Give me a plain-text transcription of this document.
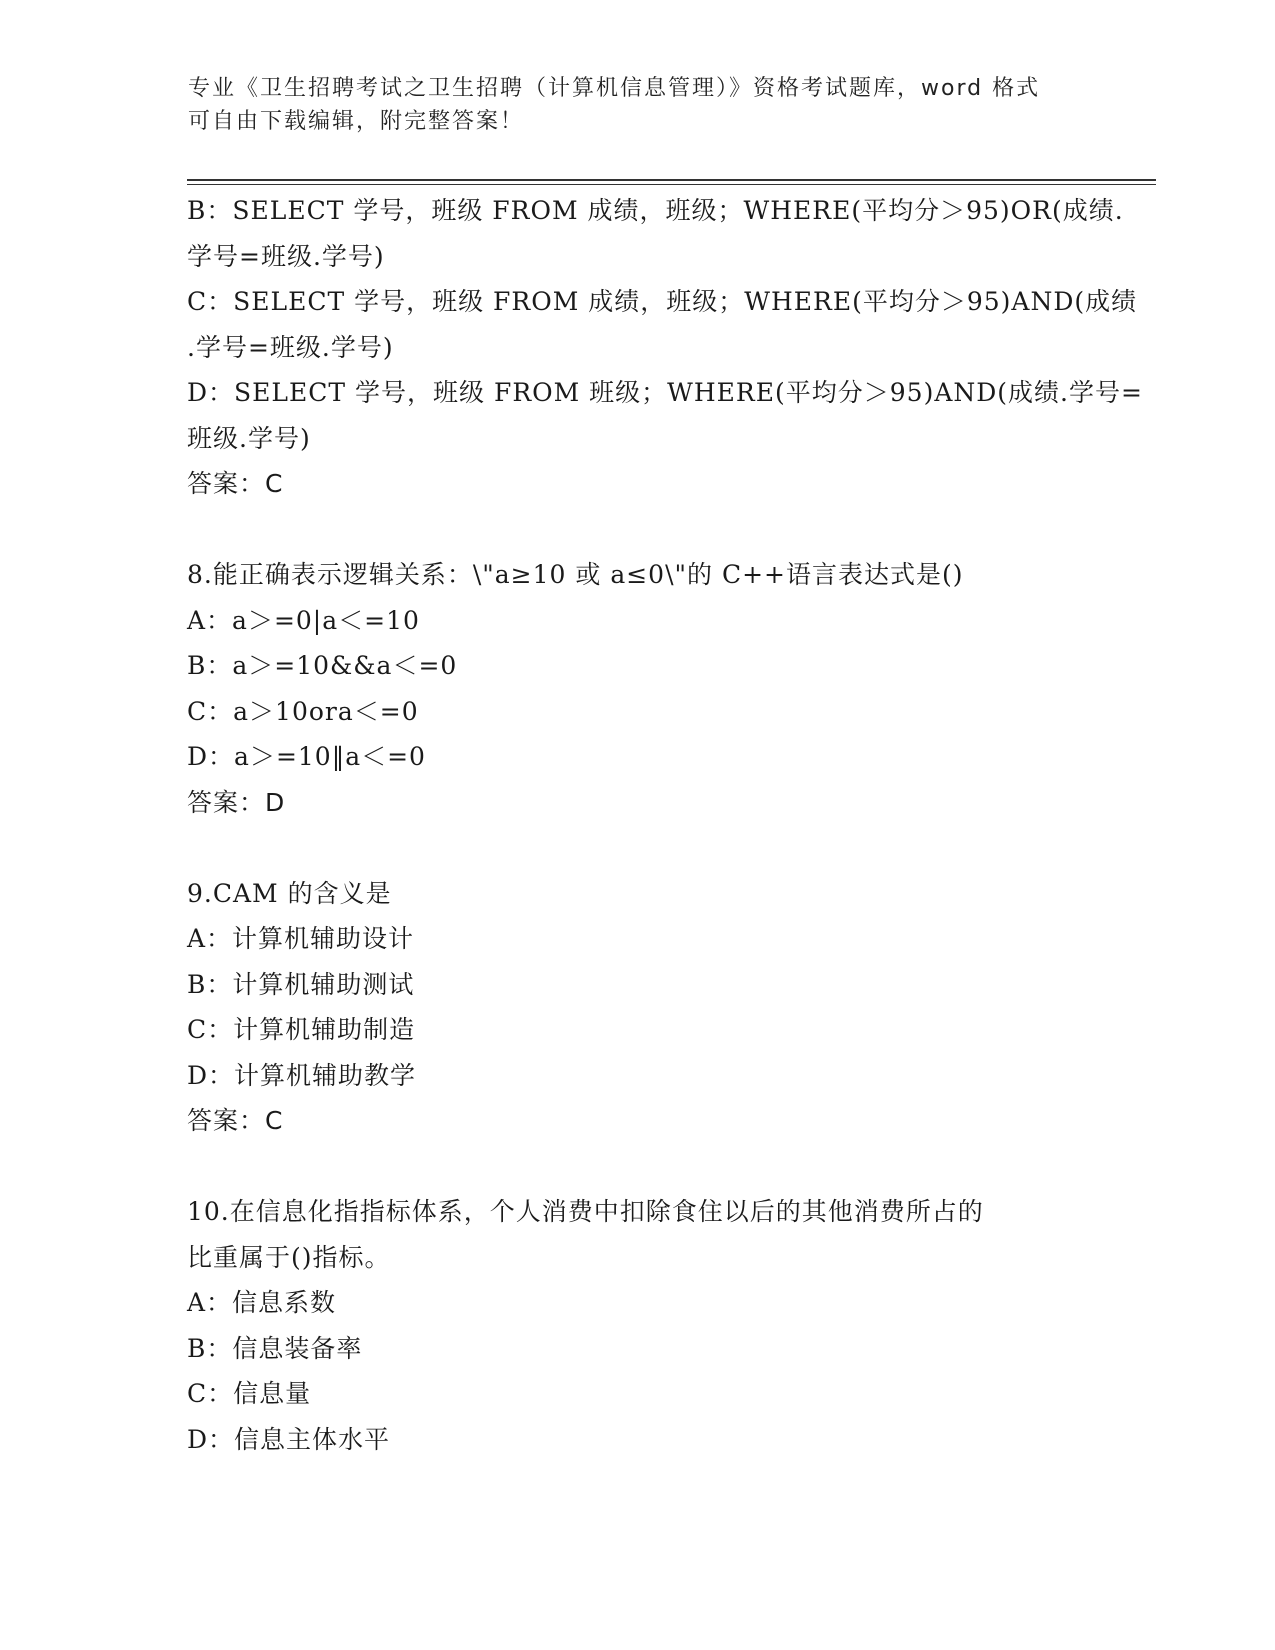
专业《卫生招聘考试之卫生招聘（计算机信息管理）》资格考试题库，word 格式
可自由下载编辑，附完整答案！
B：SELECT 学号，班级 FROM 成绩，班级；WHERE(平均分＞95)OR(成绩.
学号=班级.学号)
C：SELECT 学号，班级 FROM 成绩，班级；WHERE(平均分＞95)AND(成绩
.学号=班级.学号)
D：SELECT 学号，班级 FROM 班级；WHERE(平均分＞95)AND(成绩.学号=
班级.学号)
答案：C
8.能正确表示逻辑关系：\"a≥10 或 a≤0\"的 C++语言表达式是()
A：a＞=0|a＜=10
B：a＞=10&&a＜=0
C：a＞10ora＜=0
D：a＞=10‖a＜=0
答案：D
9.CAM 的含义是
A：计算机辅助设计
B：计算机辅助测试
C：计算机辅助制造
D：计算机辅助教学
答案：C
10.在信息化指指标体系，个人消费中扣除食住以后的其他消费所占的
比重属于()指标。
A：信息系数
B：信息装备率
C：信息量
D：信息主体水平
